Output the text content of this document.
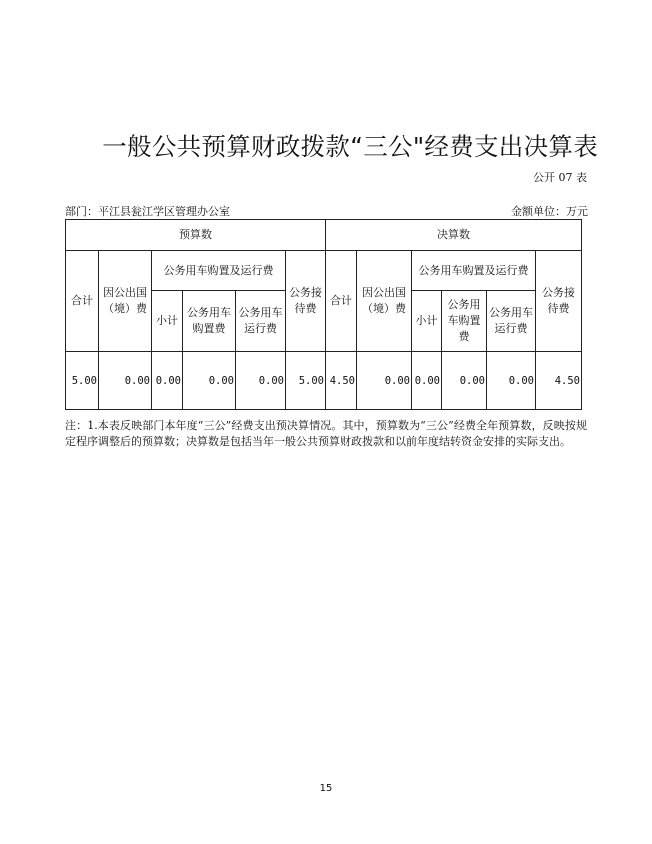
一般公共预算财政拨款“三公"经费支出决算表
公开 07 表
部门：平江县瓮江学区管理办公室	金额单位：万元
预算数						决算数					
合计	因公出国（境）费	公务用车购置及运行费			公务接待费	合计	因公出国（境）费	公务用车购置及运行费			公务接待费
		小计	公务用车购置费	公务用车运行费				小计	公务用车购置费	公务用车运行费	
5.00	0.00	0.00	0.00	0.00	5.00	4.50	0.00	0.00	0.00	0.00	4.50
注：1.本表反映部门本年度“三公”经费支出预决算情况。其中，预算数为“三公”经费全年预算数，反映按规定程序调整后的预算数；决算数是包括当年一般公共预算财政拨款和以前年度结转资金安排的实际支出。
15
